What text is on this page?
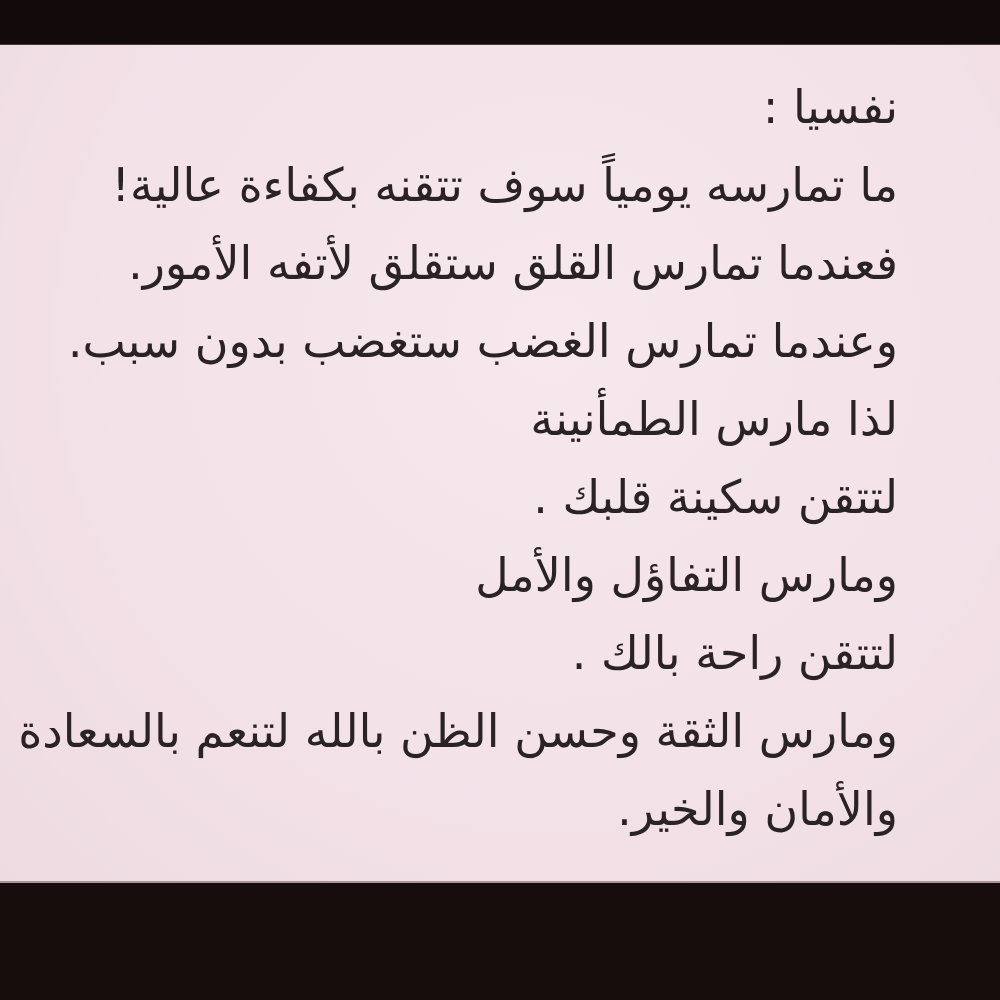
نفسيا :
ما تمارسه يومياً سوف تتقنه بكفاءة عالية!
فعندما تمارس القلق ستقلق لأتفه الأمور.
وعندما تمارس الغضب ستغضب بدون سبب.
لذا مارس الطمأنينة
لتتقن سكينة قلبك .
ومارس التفاؤل والأمل
لتتقن راحة بالك .
ومارس الثقة وحسن الظن بالله لتنعم بالسعادة
والأمان والخير.
